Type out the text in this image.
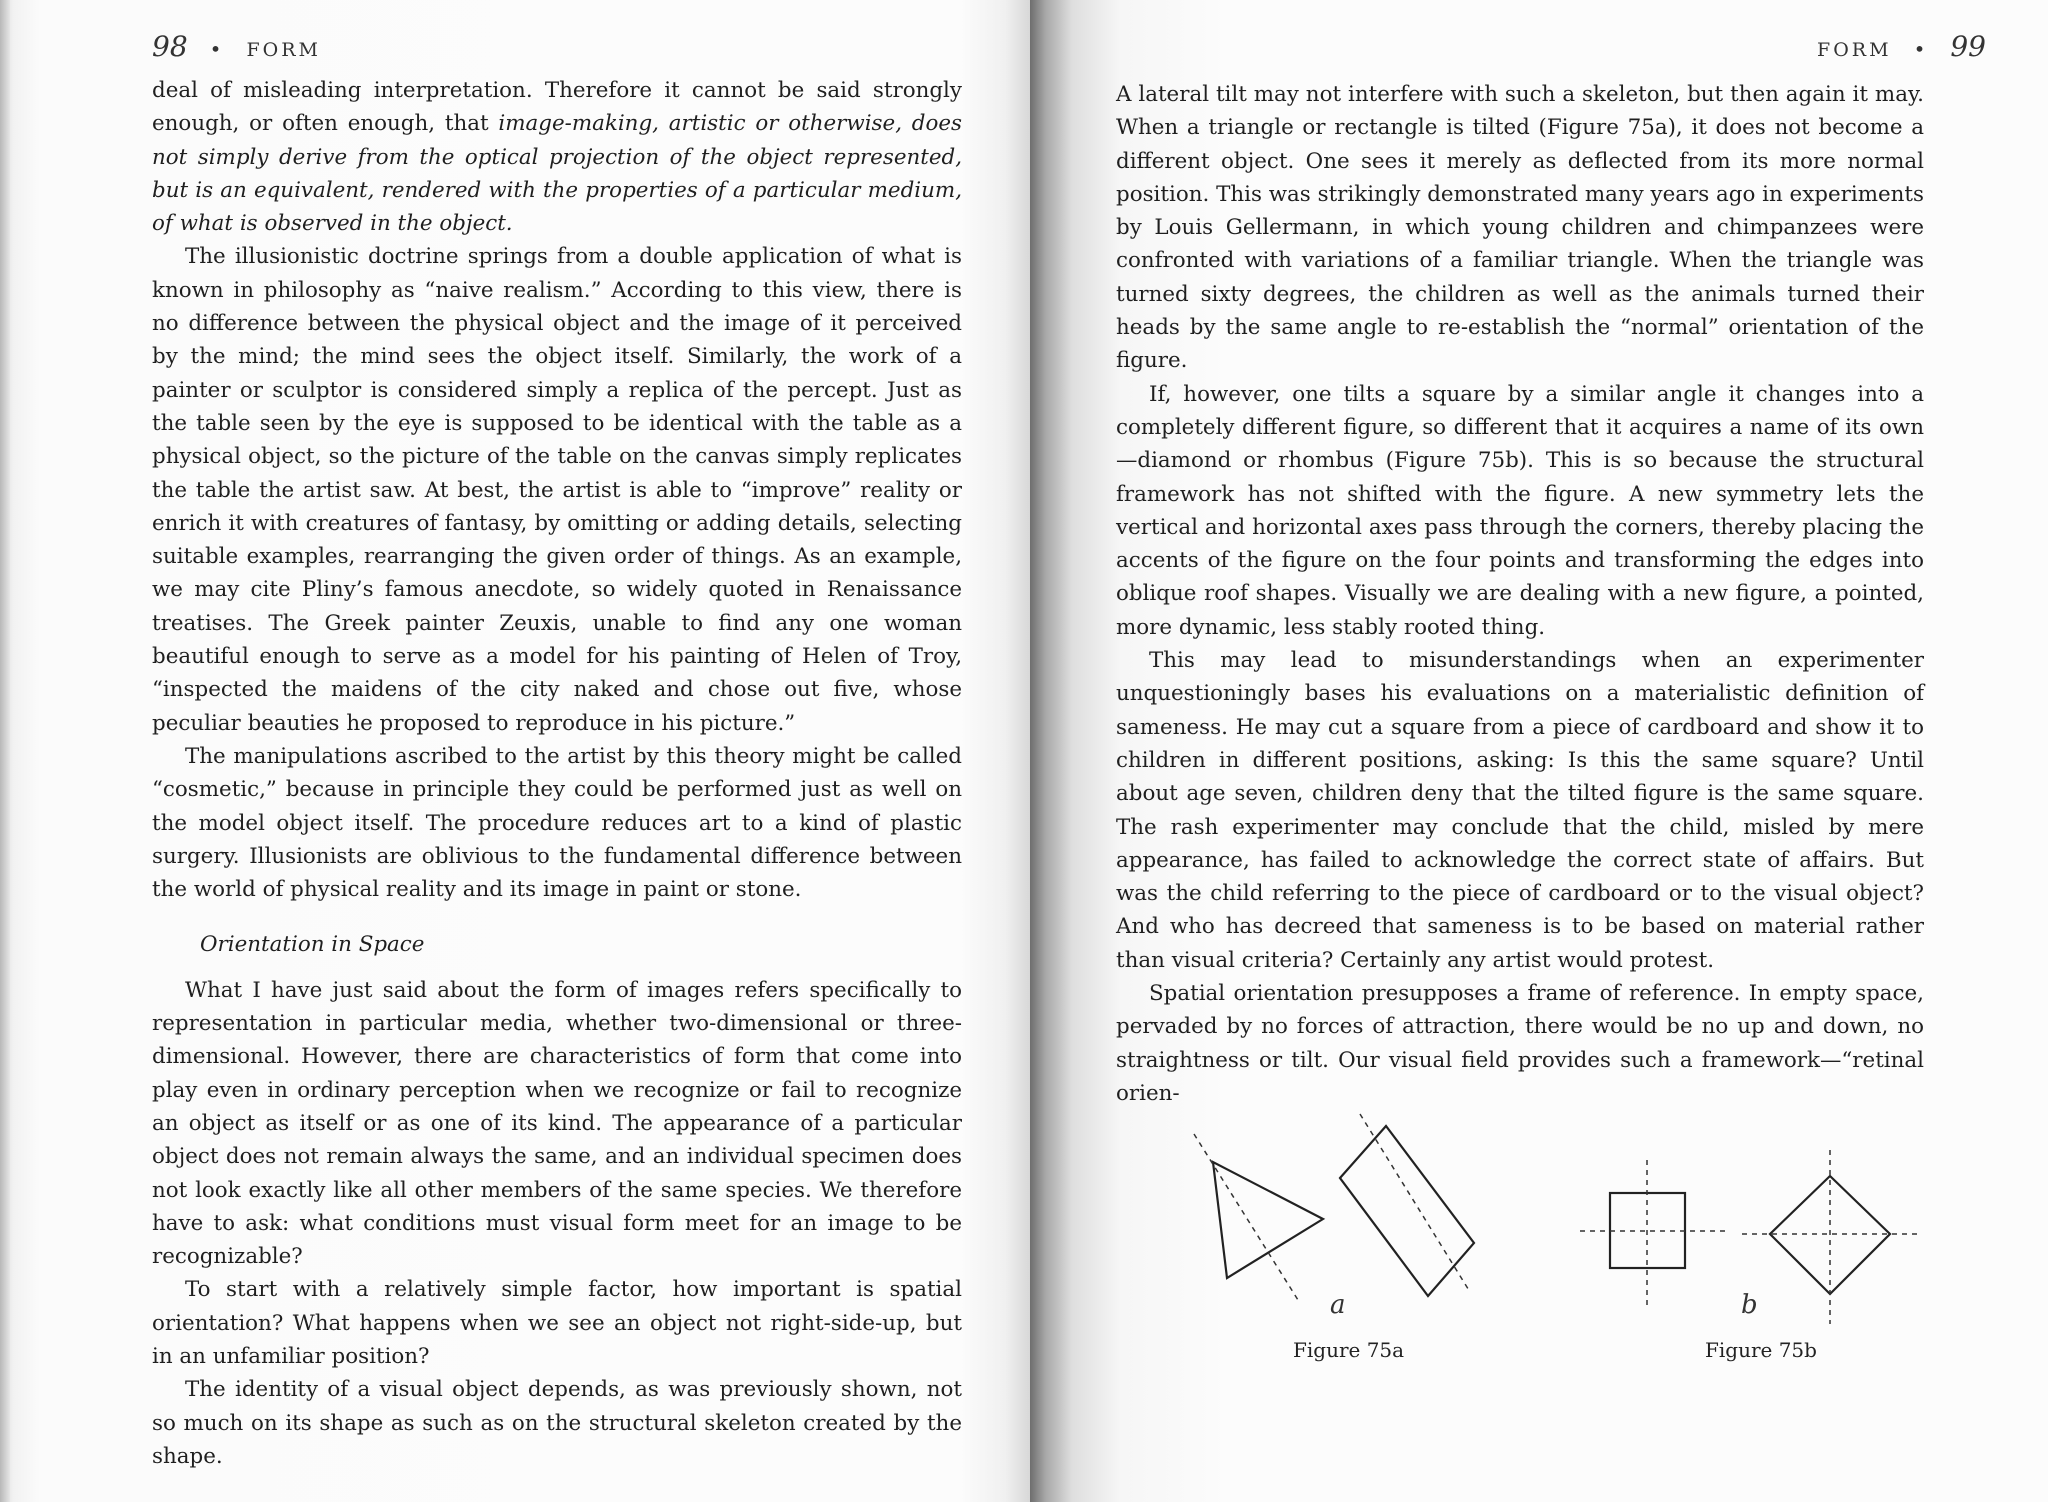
98 • FORM

deal of misleading interpretation. Therefore it cannot be said strongly enough, or often enough, that image-making, artistic or otherwise, does not simply derive from the optical projection of the object represented, but is an equivalent, rendered with the properties of a particular medium, of what is observed in the object.

The illusionistic doctrine springs from a double application of what is known in philosophy as “naive realism.” According to this view, there is no difference between the physical object and the image of it perceived by the mind; the mind sees the object itself. Similarly, the work of a painter or sculptor is considered simply a replica of the percept. Just as the table seen by the eye is supposed to be identical with the table as a physical object, so the picture of the table on the canvas simply replicates the table the artist saw. At best, the artist is able to “improve” reality or enrich it with creatures of fantasy, by omitting or adding details, selecting suitable examples, rearranging the given order of things. As an example, we may cite Pliny’s famous anecdote, so widely quoted in Renaissance treatises. The Greek painter Zeuxis, unable to find any one woman beautiful enough to serve as a model for his painting of Helen of Troy, “inspected the maidens of the city naked and chose out five, whose peculiar beauties he proposed to reproduce in his picture.”

The manipulations ascribed to the artist by this theory might be called “cosmetic,” because in principle they could be performed just as well on the model object itself. The procedure reduces art to a kind of plastic surgery. Illusionists are oblivious to the fundamental difference between the world of physical reality and its image in paint or stone.

Orientation in Space

What I have just said about the form of images refers specifically to representation in particular media, whether two-dimensional or three-dimensional. However, there are characteristics of form that come into play even in ordinary perception when we recognize or fail to recognize an object as itself or as one of its kind. The appearance of a particular object does not remain always the same, and an individual specimen does not look exactly like all other members of the same species. We therefore have to ask: what conditions must visual form meet for an image to be recognizable?

To start with a relatively simple factor, how important is spatial orientation? What happens when we see an object not right-side-up, but in an unfamiliar position?

The identity of a visual object depends, as was previously shown, not so much on its shape as such as on the structural skeleton created by the shape.

FORM • 99

A lateral tilt may not interfere with such a skeleton, but then again it may. When a triangle or rectangle is tilted (Figure 75a), it does not become a different object. One sees it merely as deflected from its more normal position. This was strikingly demonstrated many years ago in experiments by Louis Gellermann, in which young children and chimpanzees were confronted with variations of a familiar triangle. When the triangle was turned sixty degrees, the children as well as the animals turned their heads by the same angle to re-establish the “normal” orientation of the figure.

If, however, one tilts a square by a similar angle it changes into a completely different figure, so different that it acquires a name of its own—diamond or rhombus (Figure 75b). This is so because the structural framework has not shifted with the figure. A new symmetry lets the vertical and horizontal axes pass through the corners, thereby placing the accents of the figure on the four points and transforming the edges into oblique roof shapes. Visually we are dealing with a new figure, a pointed, more dynamic, less stably rooted thing.

This may lead to misunderstandings when an experimenter unquestioningly bases his evaluations on a materialistic definition of sameness. He may cut a square from a piece of cardboard and show it to children in different positions, asking: Is this the same square? Until about age seven, children deny that the tilted figure is the same square. The rash experimenter may conclude that the child, misled by mere appearance, has failed to acknowledge the correct state of affairs. But was the child referring to the piece of cardboard or to the visual object? And who has decreed that sameness is to be based on material rather than visual criteria? Certainly any artist would protest.

Spatial orientation presupposes a frame of reference. In empty space, pervaded by no forces of attraction, there would be no up and down, no straightness or tilt. Our visual field provides such a framework—“retinal orien-

a	b
Figure 75a	Figure 75b
